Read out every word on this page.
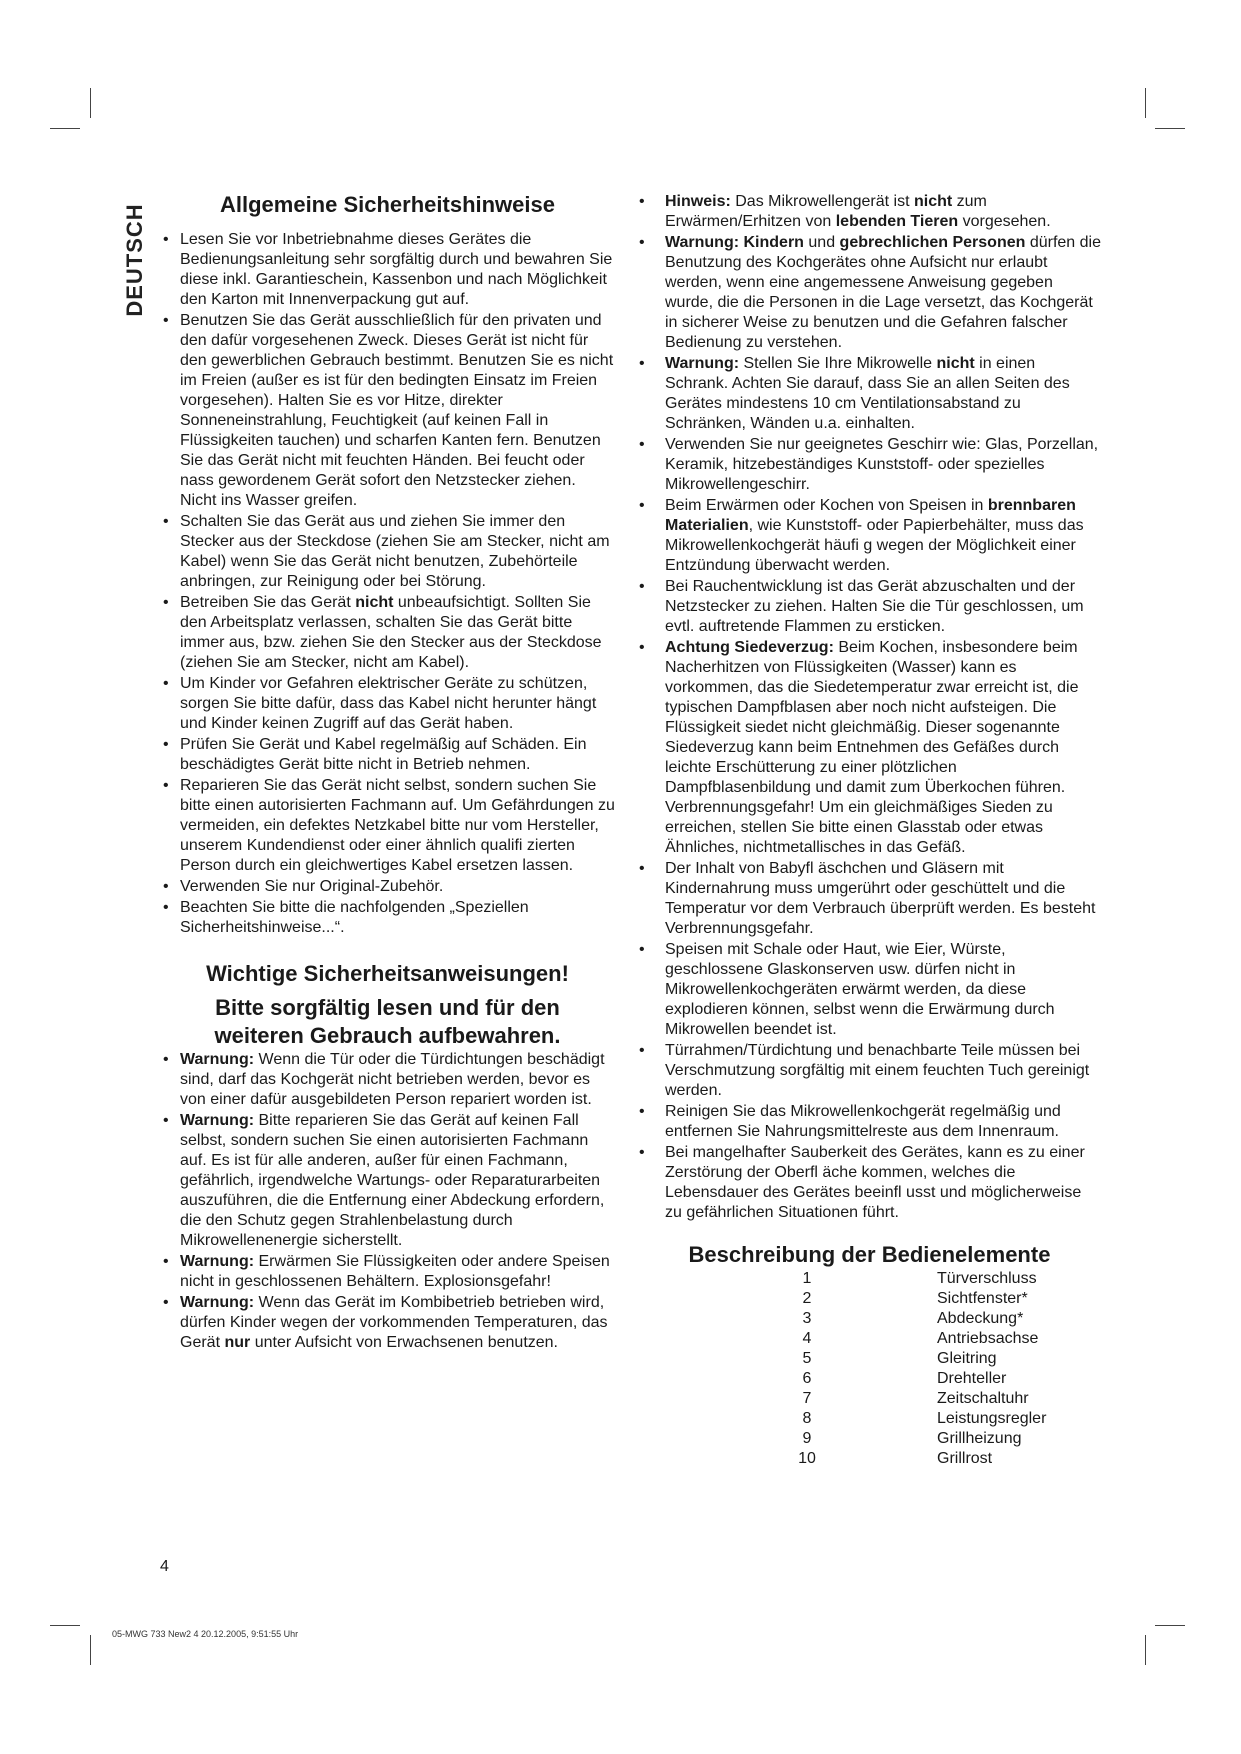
DEUTSCH	Allgemeine Sicherheitshinweise
• Lesen Sie vor Inbetriebnahme dieses Gerätes die Bedienungsanleitung sehr sorgfältig durch und bewahren Sie diese inkl. Garantieschein, Kassenbon und nach Möglichkeit den Karton mit Innenverpackung gut auf.
• Benutzen Sie das Gerät ausschließlich für den privaten und den dafür vorgesehenen Zweck. Dieses Gerät ist nicht für den gewerblichen Gebrauch bestimmt. Benutzen Sie es nicht im Freien (außer es ist für den bedingten Einsatz im Freien vorgesehen). Halten Sie es vor Hitze, direkter Sonneneinstrahlung, Feuchtigkeit (auf keinen Fall in Flüssigkeiten tauchen) und scharfen Kanten fern. Benutzen Sie das Gerät nicht mit feuchten Händen. Bei feucht oder nass gewordenem Gerät sofort den Netzstecker ziehen. Nicht ins Wasser greifen.
• Schalten Sie das Gerät aus und ziehen Sie immer den Stecker aus der Steckdose (ziehen Sie am Stecker, nicht am Kabel) wenn Sie das Gerät nicht benutzen, Zubehörteile anbringen, zur Reinigung oder bei Störung.
• Betreiben Sie das Gerät nicht unbeaufsichtigt. Sollten Sie den Arbeitsplatz verlassen, schalten Sie das Gerät bitte immer aus, bzw. ziehen Sie den Stecker aus der Steckdose (ziehen Sie am Stecker, nicht am Kabel).
• Um Kinder vor Gefahren elektrischer Geräte zu schützen, sorgen Sie bitte dafür, dass das Kabel nicht herunter hängt und Kinder keinen Zugriff auf das Gerät haben.
• Prüfen Sie Gerät und Kabel regelmäßig auf Schäden. Ein beschädigtes Gerät bitte nicht in Betrieb nehmen.
• Reparieren Sie das Gerät nicht selbst, sondern suchen Sie bitte einen autorisierten Fachmann auf. Um Gefährdungen zu vermeiden, ein defektes Netzkabel bitte nur vom Hersteller, unserem Kundendienst oder einer ähnlich qualifi zierten Person durch ein gleichwertiges Kabel ersetzen lassen.
• Verwenden Sie nur Original-Zubehör.
• Beachten Sie bitte die nachfolgenden „Speziellen Sicherheitshinweise...“.
Wichtige Sicherheitsanweisungen!
Bitte sorgfältig lesen und für den
weiteren Gebrauch aufbewahren.
• Warnung: Wenn die Tür oder die Türdichtungen beschädigt sind, darf das Kochgerät nicht betrieben werden, bevor es von einer dafür ausgebildeten Person repariert worden ist.
• Warnung: Bitte reparieren Sie das Gerät auf keinen Fall selbst, sondern suchen Sie einen autorisierten Fachmann auf. Es ist für alle anderen, außer für einen Fachmann, gefährlich, irgendwelche Wartungs- oder Reparaturarbeiten auszuführen, die die Entfernung einer Abdeckung erfordern, die den Schutz gegen Strahlenbelastung durch Mikrowellenenergie sicherstellt.
• Warnung: Erwärmen Sie Flüssigkeiten oder andere Speisen nicht in geschlossenen Behältern. Explosionsgefahr!
• Warnung: Wenn das Gerät im Kombibetrieb betrieben wird, dürfen Kinder wegen der vorkommenden Temperaturen, das Gerät nur unter Aufsicht von Erwachsenen benutzen.
• Hinweis: Das Mikrowellengerät ist nicht zum Erwärmen/Erhitzen von lebenden Tieren vorgesehen.
• Warnung: Kindern und gebrechlichen Personen dürfen die Benutzung des Kochgerätes ohne Aufsicht nur erlaubt werden, wenn eine angemessene Anweisung gegeben wurde, die die Personen in die Lage versetzt, das Kochgerät in sicherer Weise zu benutzen und die Gefahren falscher Bedienung zu verstehen.
• Warnung: Stellen Sie Ihre Mikrowelle nicht in einen Schrank. Achten Sie darauf, dass Sie an allen Seiten des Gerätes mindestens 10 cm Ventilationsabstand zu Schränken, Wänden u.a. einhalten.
• Verwenden Sie nur geeignetes Geschirr wie: Glas, Porzellan, Keramik, hitzebeständiges Kunststoff- oder spezielles Mikrowellengeschirr.
• Beim Erwärmen oder Kochen von Speisen in brennbaren Materialien, wie Kunststoff- oder Papierbehälter, muss das Mikrowellenkochgerät häufi g wegen der Möglichkeit einer Entzündung überwacht werden.
• Bei Rauchentwicklung ist das Gerät abzuschalten und der Netzstecker zu ziehen. Halten Sie die Tür geschlossen, um evtl. auftretende Flammen zu ersticken.
• Achtung Siedeverzug: Beim Kochen, insbesondere beim Nacherhitzen von Flüssigkeiten (Wasser) kann es vorkommen, das die Siedetemperatur zwar erreicht ist, die typischen Dampfblasen aber noch nicht aufsteigen. Die Flüssigkeit siedet nicht gleichmäßig. Dieser sogenannte Siedeverzug kann beim Entnehmen des Gefäßes durch leichte Erschütterung zu einer plötzlichen Dampfblasenbildung und damit zum Überkochen führen. Verbrennungsgefahr! Um ein gleichmäßiges Sieden zu erreichen, stellen Sie bitte einen Glasstab oder etwas Ähnliches, nichtmetallisches in das Gefäß.
• Der Inhalt von Babyfl äschchen und Gläsern mit Kindernahrung muss umgerührt oder geschüttelt und die Temperatur vor dem Verbrauch überprüft werden. Es besteht Verbrennungsgefahr.
• Speisen mit Schale oder Haut, wie Eier, Würste, geschlossene Glaskonserven usw. dürfen nicht in Mikrowellenkochgeräten erwärmt werden, da diese explodieren können, selbst wenn die Erwärmung durch Mikrowellen beendet ist.
• Türrahmen/Türdichtung und benachbarte Teile müssen bei Verschmutzung sorgfältig mit einem feuchten Tuch gereinigt werden.
• Reinigen Sie das Mikrowellenkochgerät regelmäßig und entfernen Sie Nahrungsmittelreste aus dem Innenraum.
• Bei mangelhafter Sauberkeit des Gerätes, kann es zu einer Zerstörung der Oberfl äche kommen, welches die Lebensdauer des Gerätes beeinfl usst und möglicherweise zu gefährlichen Situationen führt.
Beschreibung der Bedienelemente
1	Türverschluss
2	Sichtfenster*
3	Abdeckung*
4	Antriebsachse
5	Gleitring
6	Drehteller
7	Zeitschaltuhr
8	Leistungsregler
9	Grillheizung
10	Grillrost
4
05-MWG 733 New2 4 20.12.2005, 9:51:55 Uhr
